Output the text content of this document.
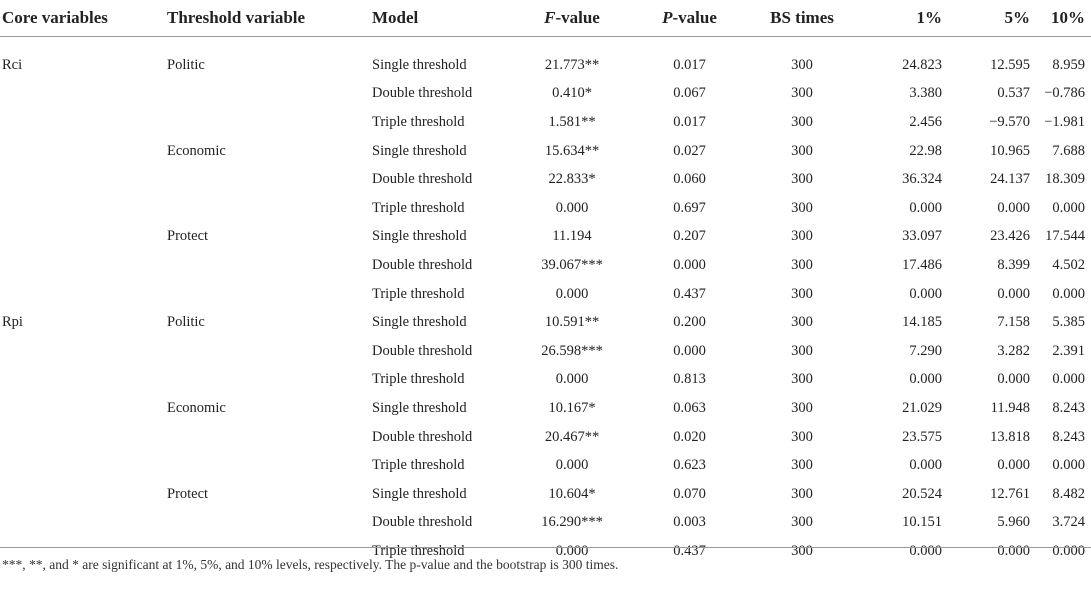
Core variables	Threshold variable	Model	F-value	P-value	BS times	1%	5%	10%
Rci	Politic	Single threshold	21.773**	0.017	300	24.823	12.595	8.959
		Double threshold	0.410*	0.067	300	3.380	0.537	−0.786
		Triple threshold	1.581**	0.017	300	2.456	−9.570	−1.981
	Economic	Single threshold	15.634**	0.027	300	22.98	10.965	7.688
		Double threshold	22.833*	0.060	300	36.324	24.137	18.309
		Triple threshold	0.000	0.697	300	0.000	0.000	0.000
	Protect	Single threshold	11.194	0.207	300	33.097	23.426	17.544
		Double threshold	39.067***	0.000	300	17.486	8.399	4.502
		Triple threshold	0.000	0.437	300	0.000	0.000	0.000
Rpi	Politic	Single threshold	10.591**	0.200	300	14.185	7.158	5.385
		Double threshold	26.598***	0.000	300	7.290	3.282	2.391
		Triple threshold	0.000	0.813	300	0.000	0.000	0.000
	Economic	Single threshold	10.167*	0.063	300	21.029	11.948	8.243
		Double threshold	20.467**	0.020	300	23.575	13.818	8.243
		Triple threshold	0.000	0.623	300	0.000	0.000	0.000
	Protect	Single threshold	10.604*	0.070	300	20.524	12.761	8.482
		Double threshold	16.290***	0.003	300	10.151	5.960	3.724
		Triple threshold	0.000	0.437	300	0.000	0.000	0.000
***, **, and * are significant at 1%, 5%, and 10% levels, respectively. The p-value and the bootstrap is 300 times.
